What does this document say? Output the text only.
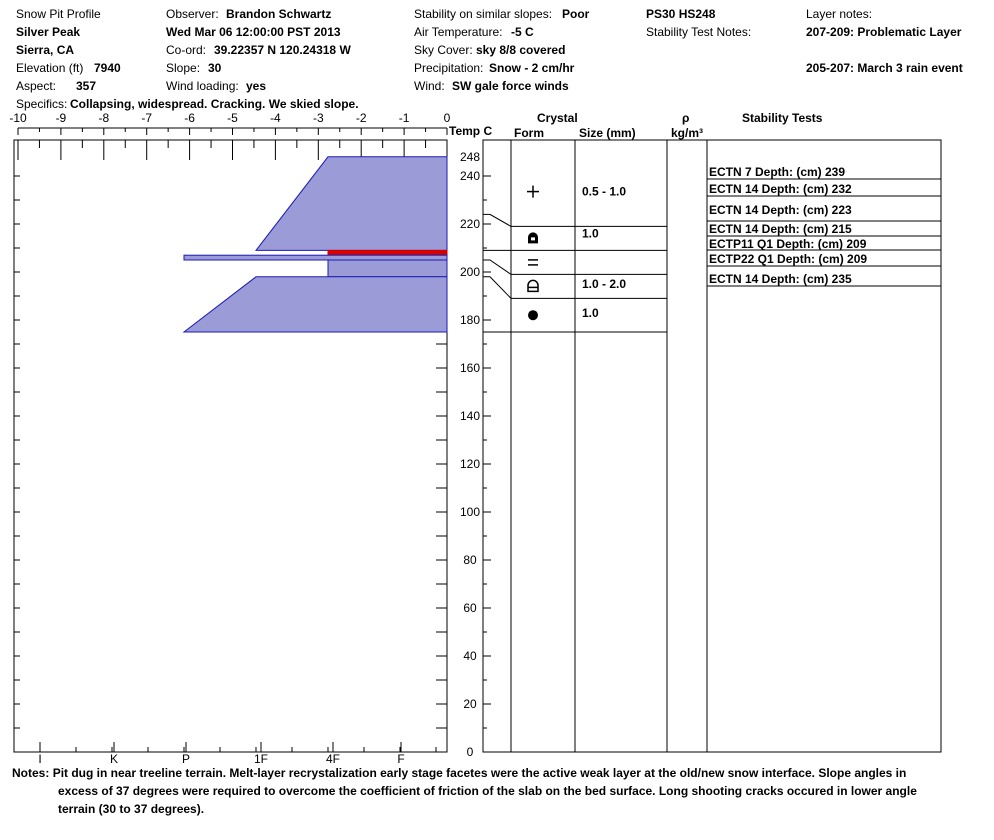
Snow Pit Profile
Silver Peak
Sierra, CA
Elevation (ft) 7940
Aspect: 357
Observer: Brandon Schwartz
Wed Mar 06 12:00:00 PST 2013
Co-ord: 39.22357 N 120.24318 W
Slope: 30
Wind loading: yes
Stability on similar slopes: Poor
Air Temperature: -5 C
Sky Cover: sky 8/8 covered
Precipitation: Snow - 2 cm/hr
Wind: SW gale force winds
PS30 HS248
Stability Test Notes:
Layer notes:
207-209: Problematic Layer
205-207: March 3 rain event
Specifics: Collapsing, widespread. Cracking. We skied slope.
-10 -9	-8	-7	-6	-5	-4	-3	-2	-1	0
0
20
40
60
80
100
120
140
160
180
200
220
240
248
I	K	P	1F	4F	F
0.5 - 1.0
1.0
1.0 - 2.0
1.0
ECTN 7 Depth: (cm) 239
ECTN 14 Depth: (cm) 232
ECTN 14 Depth: (cm) 223
ECTN 14 Depth: (cm) 215
ECTP11 Q1 Depth: (cm) 209
ECTP22 Q1 Depth: (cm) 209
ECTN 14 Depth: (cm) 235
Temp C
Crystal
Form	Size (mm)
ρ
kg/m³
Stability Tests
Notes: Pit dug in near treeline terrain. Melt-layer recrystalization early stage facetes were the active weak layer at the old/new snow interface. Slope angles in
excess of 37 degrees were required to overcome the coefficient of friction of the slab on the bed surface. Long shooting cracks occured in lower angle
terrain (30 to 37 degrees).
